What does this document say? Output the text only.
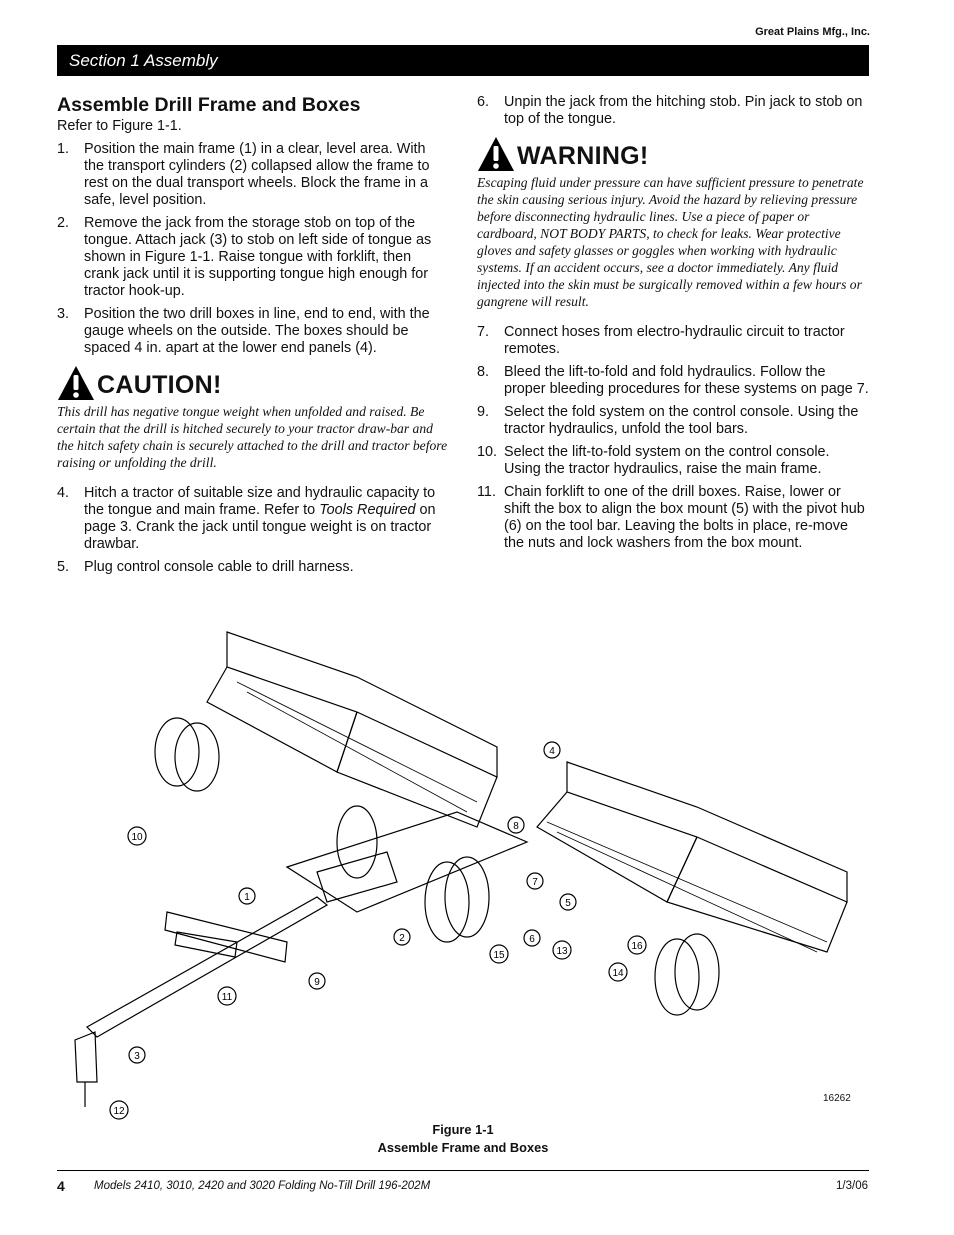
Great Plains Mfg., Inc.
Section 1 Assembly
Assemble Drill Frame and Boxes
Refer to Figure 1-1.
1. Position the main frame (1) in a clear, level area. With the transport cylinders (2) collapsed allow the frame to rest on the dual transport wheels. Block the frame in a safe, level position.
2. Remove the jack from the storage stob on top of the tongue. Attach jack (3) to stob on left side of tongue as shown in Figure 1-1. Raise tongue with forklift, then crank jack until it is supporting tongue high enough for tractor hook-up.
3. Position the two drill boxes in line, end to end, with the gauge wheels on the outside. The boxes should be spaced 4 in. apart at the lower end panels (4).
CAUTION!
This drill has negative tongue weight when unfolded and raised. Be certain that the drill is hitched securely to your tractor draw-bar and the hitch safety chain is securely attached to the drill and tractor before raising or unfolding the drill.
4. Hitch a tractor of suitable size and hydraulic capacity to the tongue and main frame. Refer to Tools Required on page 3. Crank the jack until tongue weight is on tractor drawbar.
5. Plug control console cable to drill harness.
6. Unpin the jack from the hitching stob. Pin jack to stob on top of the tongue.
WARNING!
Escaping fluid under pressure can have sufficient pressure to penetrate the skin causing serious injury. Avoid the hazard by relieving pressure before disconnecting hydraulic lines. Use a piece of paper or cardboard, NOT BODY PARTS, to check for leaks. Wear protective gloves and safety glasses or goggles when working with hydraulic systems. If an accident occurs, see a doctor immediately. Any fluid injected into the skin must be surgically removed within a few hours or gangrene will result.
7. Connect hoses from electro-hydraulic circuit to tractor remotes.
8. Bleed the lift-to-fold and fold hydraulics. Follow the proper bleeding procedures for these systems on page 7.
9. Select the fold system on the control console. Using the tractor hydraulics, unfold the tool bars.
10. Select the lift-to-fold system on the control console. Using the tractor hydraulics, raise the main frame.
11. Chain forklift to one of the drill boxes. Raise, lower or shift the box to align the box mount (5) with the pivot hub (6) on the tool bar. Leaving the bolts in place, re-move the nuts and lock washers from the box mount.
1
2
3
4
5
6
7
8
9
10
11
12
13
14
15
16
16262
Figure 1-1
Assemble Frame and Boxes
4	Models 2410, 3010, 2420 and 3020 Folding No-Till Drill 196-202M	1/3/06
